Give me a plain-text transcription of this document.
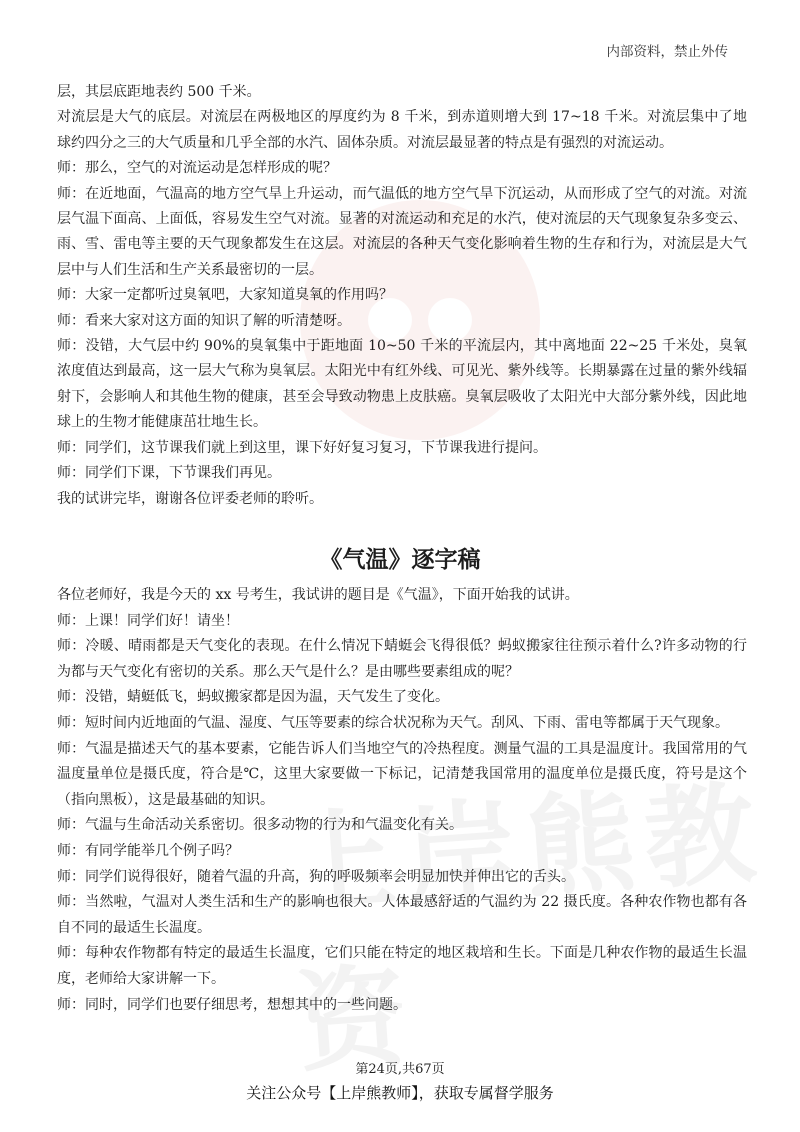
内部资料，禁止外传

层，其层底距地表约 500 千米。

对流层是大气的底层。对流层在两极地区的厚度约为 8 千米，到赤道则增大到 17~18 千米。对流层集中了地球约四分之三的大气质量和几乎全部的水汽、固体杂质。对流层最显著的特点是有强烈的对流运动。

师：那么，空气的对流运动是怎样形成的呢？

师：在近地面，气温高的地方空气旱上升运动，而气温低的地方空气旱下沉运动，从而形成了空气的对流。对流层气温下面高、上面低，容易发生空气对流。显著的对流运动和充足的水汽，使对流层的天气现象复杂多变云、雨、雪、雷电等主要的天气现象都发生在这层。对流层的各种天气变化影响着生物的生存和行为，对流层是大气层中与人们生活和生产关系最密切的一层。

师：大家一定都听过臭氧吧，大家知道臭氧的作用吗？

师：看来大家对这方面的知识了解的听清楚呀。

师：没错，大气层中约 90%的臭氧集中于距地面 10~50 千米的平流层内，其中离地面 22~25 千米处，臭氧浓度值达到最高，这一层大气称为臭氧层。太阳光中有红外线、可见光、紫外线等。长期暴露在过量的紫外线辐射下，会影响人和其他生物的健康，甚至会导致动物患上皮肤癌。臭氧层吸收了太阳光中大部分紫外线，因此地球上的生物才能健康茁壮地生长。

师：同学们，这节课我们就上到这里，课下好好复习复习，下节课我进行提问。

师：同学们下课，下节课我们再见。

我的试讲完毕，谢谢各位评委老师的聆听。

《气温》逐字稿

各位老师好，我是今天的 xx 号考生，我试讲的题目是《气温》，下面开始我的试讲。

师：上课！同学们好！请坐！

师：冷暖、晴雨都是天气变化的表现。在什么情况下蜻蜓会飞得很低？蚂蚁搬家往往预示着什么?许多动物的行为都与天气变化有密切的关系。那么天气是什么？是由哪些要素组成的呢？

师：没错，蜻蜓低飞，蚂蚁搬家都是因为温，天气发生了变化。

师：短时间内近地面的气温、湿度、气压等要素的综合状况称为天气。刮风、下雨、雷电等都属于天气现象。

师：气温是描述天气的基本要素，它能告诉人们当地空气的冷热程度。测量气温的工具是温度计。我国常用的气温度量单位是摄氏度，符合是℃，这里大家要做一下标记，记清楚我国常用的温度单位是摄氏度，符号是这个（指向黑板），这是最基础的知识。

师：气温与生命活动关系密切。很多动物的行为和气温变化有关。

师：有同学能举几个例子吗？

师：同学们说得很好，随着气温的升高，狗的呼吸频率会明显加快并伸出它的舌头。

师：当然啦，气温对人类生活和生产的影响也很大。人体最感舒适的气温约为 22 摄氏度。各种农作物也都有各自不同的最适生长温度。

师：每种农作物都有特定的最适生长温度，它们只能在特定的地区栽培和生长。下面是几种农作物的最适生长温度，老师给大家讲解一下。

师：同时，同学们也要仔细思考，想想其中的一些问题。

第24页,共67页
关注公众号【上岸熊教师】，获取专属督学服务
